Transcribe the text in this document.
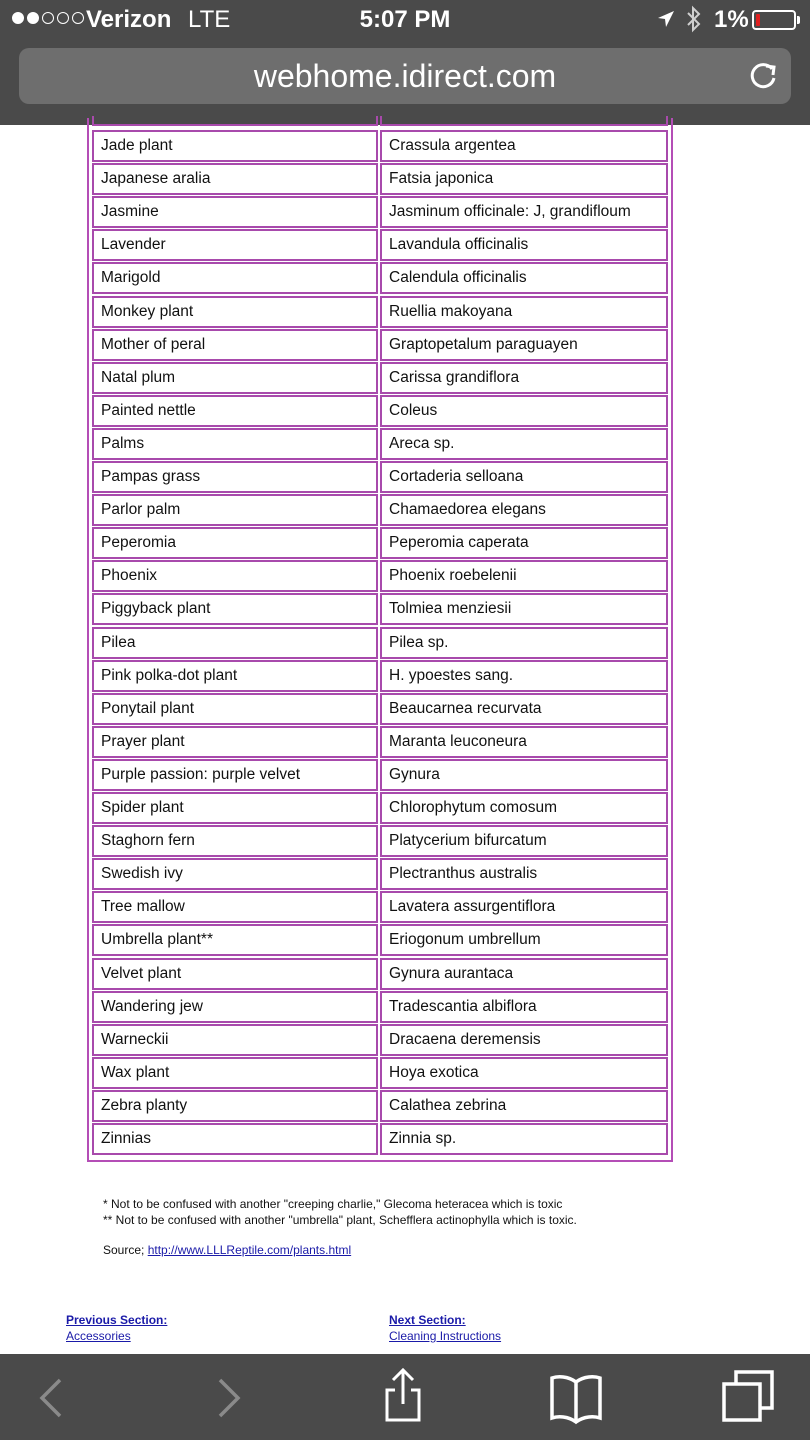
Verizon LTE	5:07 PM	1%
webhome.idirect.com
Jade plant	Crassula argentea
Japanese aralia	Fatsia japonica
Jasmine	Jasminum officinale: J, grandifloum
Lavender	Lavandula officinalis
Marigold	Calendula officinalis
Monkey plant	Ruellia makoyana
Mother of peral	Graptopetalum paraguayen
Natal plum	Carissa grandiflora
Painted nettle	Coleus
Palms	Areca sp.
Pampas grass	Cortaderia selloana
Parlor palm	Chamaedorea elegans
Peperomia	Peperomia caperata
Phoenix	Phoenix roebelenii
Piggyback plant	Tolmiea menziesii
Pilea	Pilea sp.
Pink polka-dot plant	H. ypoestes sang.
Ponytail plant	Beaucarnea recurvata
Prayer plant	Maranta leuconeura
Purple passion: purple velvet	Gynura
Spider plant	Chlorophytum comosum
Staghorn fern	Platycerium bifurcatum
Swedish ivy	Plectranthus australis
Tree mallow	Lavatera assurgentiflora
Umbrella plant**	Eriogonum umbrellum
Velvet plant	Gynura aurantaca
Wandering jew	Tradescantia albiflora
Warneckii	Dracaena deremensis
Wax plant	Hoya exotica
Zebra planty	Calathea zebrina
Zinnias	Zinnia sp.
* Not to be confused with another "creeping charlie," Glecoma heteracea which is toxic
** Not to be confused with another "umbrella" plant, Schefflera actinophylla which is toxic.
Source; http://www.LLLReptile.com/plants.html
Previous Section:
Accessories
Next Section:
Cleaning Instructions
